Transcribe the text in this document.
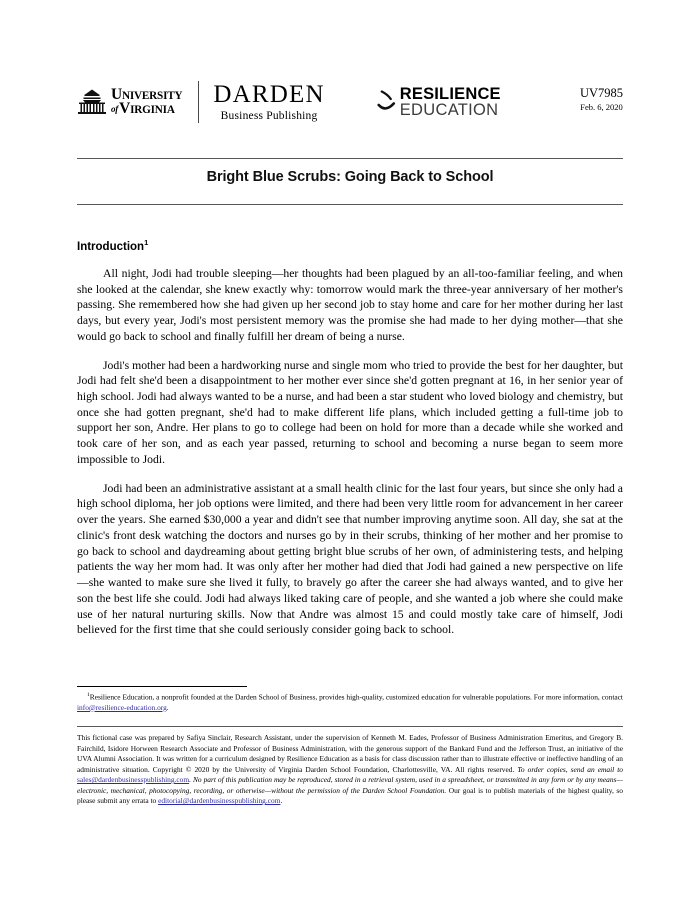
U NIVERSITY
of V IRGINIA
DARDEN
Business Publishing
RESILIENCE
EDUCATION
UV7985
Feb. 6, 2020
Bright Blue Scrubs: Going Back to School
Introduction$^1$

All night, Jodi had trouble sleeping—her thoughts had been plagued by an all-too-familiar feeling, and when she looked at the calendar, she knew exactly why: tomorrow would mark the three-year anniversary of her mother's passing. She remembered how she had given up her second job to stay home and care for her mother during her last days, but every year, Jodi's most persistent memory was the promise she had made to her dying mother—that she would go back to school and finally fulfill her dream of being a nurse.

Jodi's mother had been a hardworking nurse and single mom who tried to provide the best for her daughter, but Jodi had felt she'd been a disappointment to her mother ever since she'd gotten pregnant at 16, in her senior year of high school. Jodi had always wanted to be a nurse, and had been a star student who loved biology and chemistry, but once she had gotten pregnant, she'd had to make different life plans, which included getting a full-time job to support her son, Andre. Her plans to go to college had been on hold for more than a decade while she worked and took care of her son, and as each year passed, returning to school and becoming a nurse began to seem more impossible to Jodi.

Jodi had been an administrative assistant at a small health clinic for the last four years, but since she only had a high school diploma, her job options were limited, and there had been very little room for advancement in her career over the years. She earned $30,000 a year and didn't see that number improving anytime soon. All day, she sat at the clinic's front desk watching the doctors and nurses go by in their scrubs, thinking of her mother and her promise to go back to school and daydreaming about getting bright blue scrubs of her own, of administering tests, and helping patients the way her mom had. It was only after her mother had died that Jodi had gained a new perspective on life—she wanted to make sure she lived it fully, to bravely go after the career she had always wanted, and to give her son the best life she could. Jodi had always liked taking care of people, and she wanted a job where she could make use of her natural nurturing skills. Now that Andre was almost 15 and could mostly take care of himself, Jodi believed for the first time that she could seriously consider going back to school.

$^1$Resilience Education, a nonprofit founded at the Darden School of Business, provides high-quality, customized education for vulnerable populations. For more information, contact info@resilience-education.org.
This fictional case was prepared by Safiya Sinclair, Research Assistant, under the supervision of Kenneth M. Eades, Professor of Business Administration Emeritus, and Gregory B. Fairchild, Isidore Horween Research Associate and Professor of Business Administration, with the generous support of the Bankard Fund and the Jefferson Trust, an initiative of the UVA Alumni Association. It was written for a curriculum designed by Resilience Education as a basis for class discussion rather than to illustrate effective or ineffective handling of an administrative situation. Copyright © 2020 by the University of Virginia Darden School Foundation, Charlottesville, VA. All rights reserved. To order copies, send an email to sales@dardenbusinesspublishing.com. No part of this publication may be reproduced, stored in a retrieval system, used in a spreadsheet, or transmitted in any form or by any means—electronic, mechanical, photocopying, recording, or otherwise—without the permission of the Darden School Foundation. Our goal is to publish materials of the highest quality, so please submit any errata to editorial@dardenbusinesspublishing.com.
